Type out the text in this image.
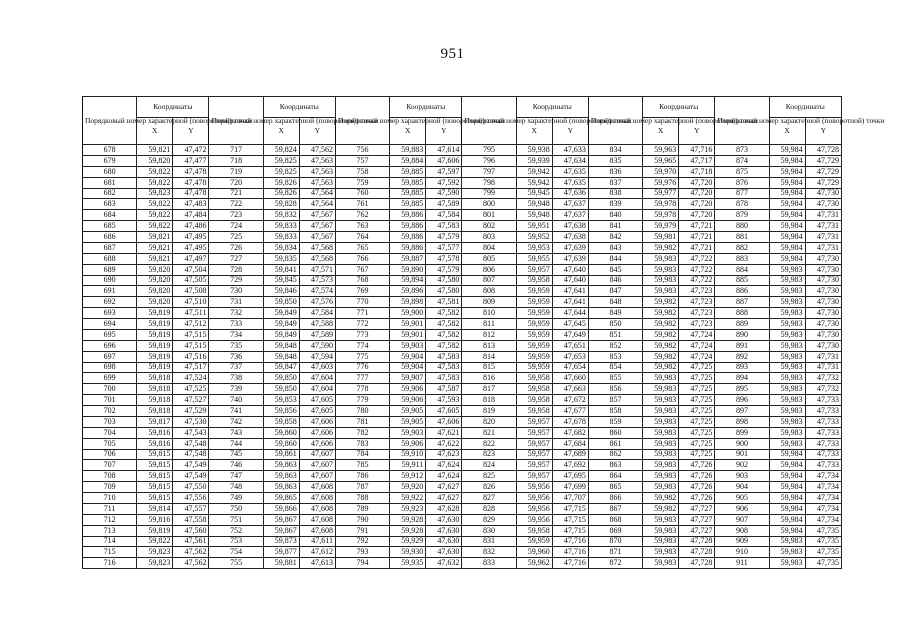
951
Порядковый номер характерной (поворотной) точки	Координаты		Порядковый номер характерной (поворотной) точки	Координаты		Порядковый номер характерной (поворотной) точки	Координаты		Порядковый номер характерной (поворотной) точки	Координаты		Порядковый номер характерной (поворотной) точки	Координаты		Порядковый номер характерной (поворотной) точки	Координаты	
	X	Y		X	Y		X	Y		X	Y		X	Y		X	Y
678	59,821	47,472	717	59,824	47,562	756	59,883	47,614	795	59,938	47,633	834	59,963	47,716	873	59,984	47,728
679	59,820	47,477	718	59,825	47,563	757	59,884	47,606	796	59,939	47,634	835	59,965	47,717	874	59,984	47,729
680	59,822	47,478	719	59,825	47,563	758	59,885	47,597	797	59,942	47,635	836	59,970	47,718	875	59,984	47,729
681	59,822	47,478	720	59,826	47,563	759	59,885	47,592	798	59,942	47,635	837	59,976	47,720	876	59,984	47,729
682	59,823	47,478	721	59,826	47,564	760	59,885	47,590	799	59,945	47,636	838	59,977	47,720	877	59,984	47,730
683	59,822	47,483	722	59,828	47,564	761	59,885	47,589	800	59,948	47,637	839	59,978	47,720	878	59,984	47,730
684	59,822	47,484	723	59,832	47,567	762	59,886	47,584	801	59,948	47,637	840	59,978	47,720	879	59,984	47,731
685	59,822	47,486	724	59,833	47,567	763	59,886	47,583	802	59,951	47,638	841	59,979	47,721	880	59,984	47,731
686	59,821	47,495	725	59,833	47,567	764	59,886	47,579	803	59,952	47,638	842	59,981	47,721	881	59,984	47,731
687	59,821	47,495	726	59,834	47,568	765	59,886	47,577	804	59,953	47,639	843	59,982	47,721	882	59,984	47,731
688	59,821	47,497	727	59,835	47,568	766	59,887	47,578	805	59,955	47,639	844	59,983	47,722	883	59,984	47,730
689	59,820	47,504	728	59,841	47,571	767	59,890	47,579	806	59,957	47,640	845	59,983	47,722	884	59,983	47,730
690	59,820	47,505	729	59,845	47,573	768	59,894	47,580	807	59,958	47,640	846	59,983	47,722	885	59,983	47,730
691	59,820	47,508	730	59,846	47,574	769	59,896	47,580	808	59,959	47,641	847	59,983	47,723	886	59,983	47,730
692	59,820	47,510	731	59,850	47,576	770	59,898	47,581	809	59,959	47,641	848	59,982	47,723	887	59,983	47,730
693	59,819	47,511	732	59,849	47,584	771	59,900	47,582	810	59,959	47,644	849	59,982	47,723	888	59,983	47,730
694	59,819	47,512	733	59,849	47,588	772	59,901	47,582	811	59,959	47,645	850	59,982	47,723	889	59,983	47,730
695	59,819	47,515	734	59,849	47,589	773	59,901	47,582	812	59,959	47,649	851	59,982	47,724	890	59,983	47,730
696	59,819	47,515	735	59,848	47,590	774	59,903	47,582	813	59,959	47,651	852	59,982	47,724	891	59,983	47,730
697	59,819	47,516	736	59,848	47,594	775	59,904	47,583	814	59,959	47,653	853	59,982	47,724	892	59,983	47,731
698	59,819	47,517	737	59,847	47,603	776	59,904	47,583	815	59,959	47,654	854	59,982	47,725	893	59,983	47,731
699	59,818	47,524	738	59,850	47,604	777	59,907	47,583	816	59,958	47,660	855	59,983	47,725	894	59,983	47,732
700	59,818	47,525	739	59,850	47,604	778	59,906	47,587	817	59,958	47,663	856	59,983	47,725	895	59,983	47,732
701	59,818	47,527	740	59,853	47,605	779	59,906	47,593	818	59,958	47,672	857	59,983	47,725	896	59,983	47,733
702	59,818	47,529	741	59,856	47,605	780	59,905	47,605	819	59,958	47,677	858	59,983	47,725	897	59,983	47,733
703	59,817	47,530	742	59,858	47,606	781	59,905	47,606	820	59,957	47,678	859	59,983	47,725	898	59,983	47,733
704	59,816	47,543	743	59,860	47,606	782	59,903	47,621	821	59,957	47,682	860	59,983	47,725	899	59,983	47,733
705	59,816	47,548	744	59,860	47,606	783	59,906	47,622	822	59,957	47,684	861	59,983	47,725	900	59,983	47,733
706	59,815	47,548	745	59,861	47,607	784	59,910	47,623	823	59,957	47,689	862	59,983	47,725	901	59,984	47,733
707	59,815	47,549	746	59,863	47,607	785	59,911	47,624	824	59,957	47,692	863	59,983	47,726	902	59,984	47,733
708	59,815	47,549	747	59,863	47,607	786	59,912	47,624	825	59,957	47,695	864	59,983	47,726	903	59,984	47,734
709	59,815	47,550	748	59,863	47,608	787	59,920	47,627	826	59,956	47,699	865	59,983	47,726	904	59,984	47,734
710	59,815	47,556	749	59,865	47,608	788	59,922	47,627	827	59,956	47,707	866	59,982	47,726	905	59,984	47,734
711	59,814	47,557	750	59,866	47,608	789	59,923	47,628	828	59,956	47,715	867	59,982	47,727	906	59,984	47,734
712	59,816	47,558	751	59,867	47,608	790	59,928	47,630	829	59,956	47,715	868	59,983	47,727	907	59,984	47,734
713	59,819	47,560	752	59,867	47,608	791	59,928	47,630	830	59,958	47,715	869	59,983	47,727	908	59,984	47,735
714	59,822	47,561	753	59,873	47,611	792	59,929	47,630	831	59,959	47,716	870	59,983	47,728	909	59,983	47,735
715	59,823	47,562	754	59,877	47,612	793	59,930	47,630	832	59,960	47,716	871	59,983	47,728	910	59,983	47,735
716	59,823	47,562	755	59,881	47,613	794	59,935	47,632	833	59,962	47,716	872	59,983	47,728	911	59,983	47,735
